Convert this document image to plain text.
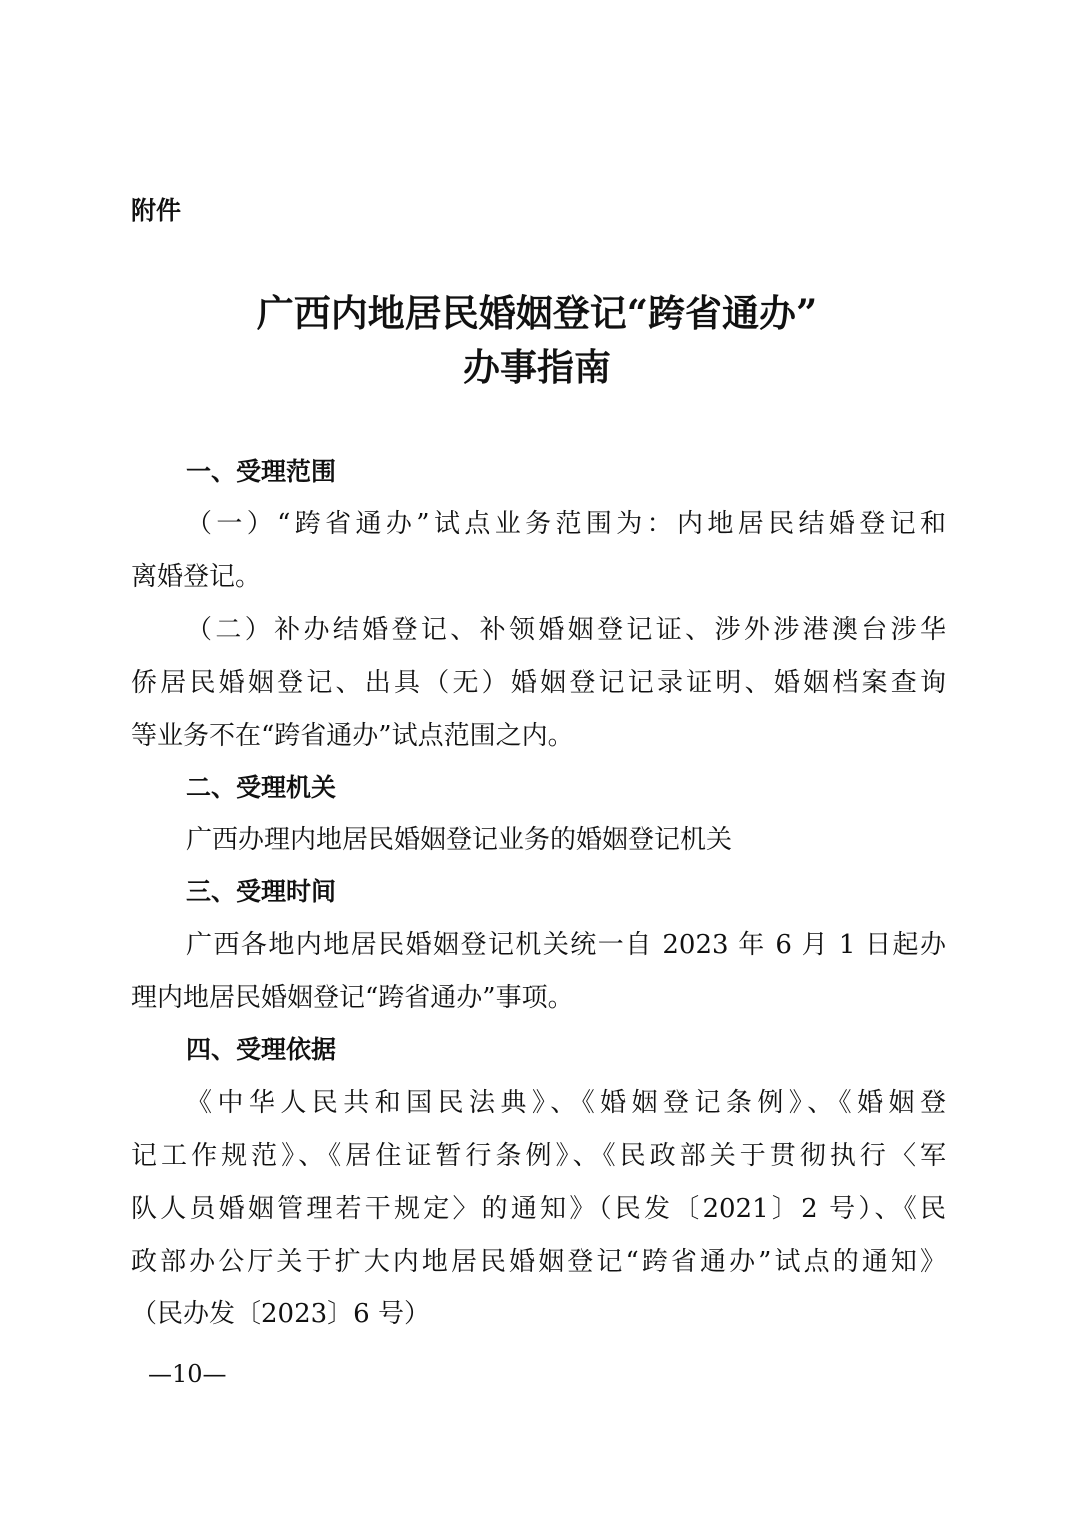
附件
广西内地居民婚姻登记“跨省通办”
办事指南
一、受理范围
（一）“跨省通办”试点业务范围为：内地居民结婚登记和
离婚登记。
（二）补办结婚登记、补领婚姻登记证、涉外涉港澳台涉华
侨居民婚姻登记、出具（无）婚姻登记记录证明、婚姻档案查询
等业务不在“跨省通办”试点范围之内。
二、受理机关
广西办理内地居民婚姻登记业务的婚姻登记机关
三、受理时间
广西各地内地居民婚姻登记机关统一自 2023 年 6 月 1 日起办
理内地居民婚姻登记“跨省通办”事项。
四、受理依据
《中华人民共和国民法典》、《婚姻登记条例》、《婚姻登
记工作规范》、《居住证暂行条例》、《民政部关于贯彻执行〈军
队人员婚姻管理若干规定〉的通知》（民发〔2021〕2 号）、《民
政部办公厅关于扩大内地居民婚姻登记“跨省通办”试点的通知》
（民办发〔2023〕6 号）
—10—
